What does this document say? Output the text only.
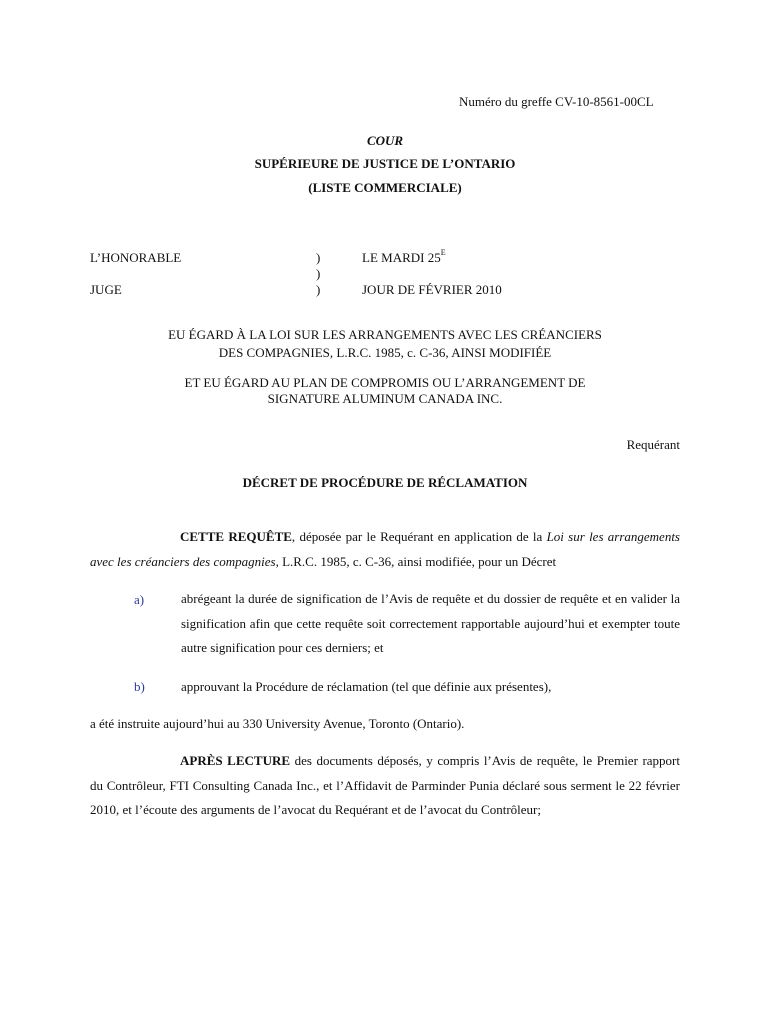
Numéro du greffe CV-10-8561-00CL
COUR
SUPÉRIEURE DE JUSTICE DE L’ONTARIO
(LISTE COMMERCIALE)
L’HONORABLE
JUGE
)
)
)
LE MARDI $25^E$
JOUR DE FÉVRIER 2010
EU ÉGARD À LA LOI SUR LES ARRANGEMENTS AVEC LES CRÉANCIERS
DES COMPAGNIES, L.R.C. 1985, c. C-36, AINSI MODIFIÉE
ET EU ÉGARD AU PLAN DE COMPROMIS OU L’ARRANGEMENT DE
SIGNATURE ALUMINUM CANADA INC.
Requérant
DÉCRET DE PROCÉDURE DE RÉCLAMATION
CETTE REQUÊTE, déposée par le Requérant en application de la Loi sur les arrangements avec les créanciers des compagnies, L.R.C. 1985, c. C-36, ainsi modifiée, pour un Décret
a)	abrégeant la durée de signification de l’Avis de requête et du dossier de requête et en valider la signification afin que cette requête soit correctement rapportable aujourd’hui et exempter toute autre signification pour ces derniers; et
b)	approuvant la Procédure de réclamation (tel que définie aux présentes),
a été instruite aujourd’hui au 330 University Avenue, Toronto (Ontario).
APRÈS LECTURE des documents déposés, y compris l’Avis de requête, le Premier rapport du Contrôleur, FTI Consulting Canada Inc., et l’Affidavit de Parminder Punia déclaré sous serment le 22 février 2010, et l’écoute des arguments de l’avocat du Requérant et de l’avocat du Contrôleur;
